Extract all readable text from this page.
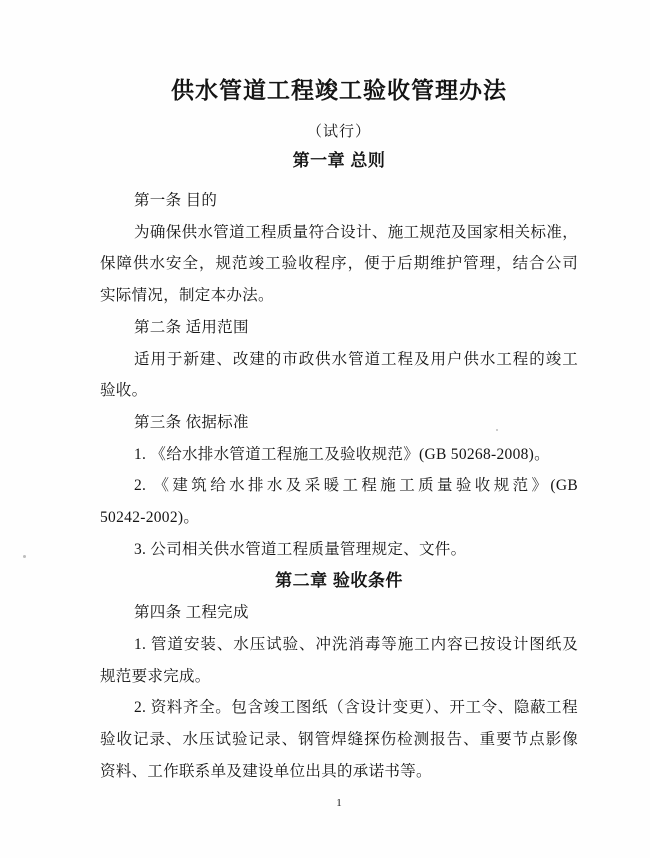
供水管道工程竣工验收管理办法
（试行）
第一章 总则
第一条 目的
为确保供水管道工程质量符合设计、施工规范及国家相关标准，
保障供水安全，规范竣工验收程序，便于后期维护管理，结合公司
实际情况，制定本办法。
第二条 适用范围
适用于新建、改建的市政供水管道工程及用户供水工程的竣工
验收。
第三条 依据标准
1. 《给水排水管道工程施工及验收规范》(GB 50268-2008)。
2. 《建筑给水排水及采暖工程施工质量验收规范》(GB
50242-2002)。
3. 公司相关供水管道工程质量管理规定、文件。
第二章 验收条件
第四条 工程完成
1. 管道安装、水压试验、冲洗消毒等施工内容已按设计图纸及
规范要求完成。
2. 资料齐全。包含竣工图纸（含设计变更）、开工令、隐蔽工程
验收记录、水压试验记录、钢管焊缝探伤检测报告、重要节点影像
资料、工作联系单及建设单位出具的承诺书等。
1
